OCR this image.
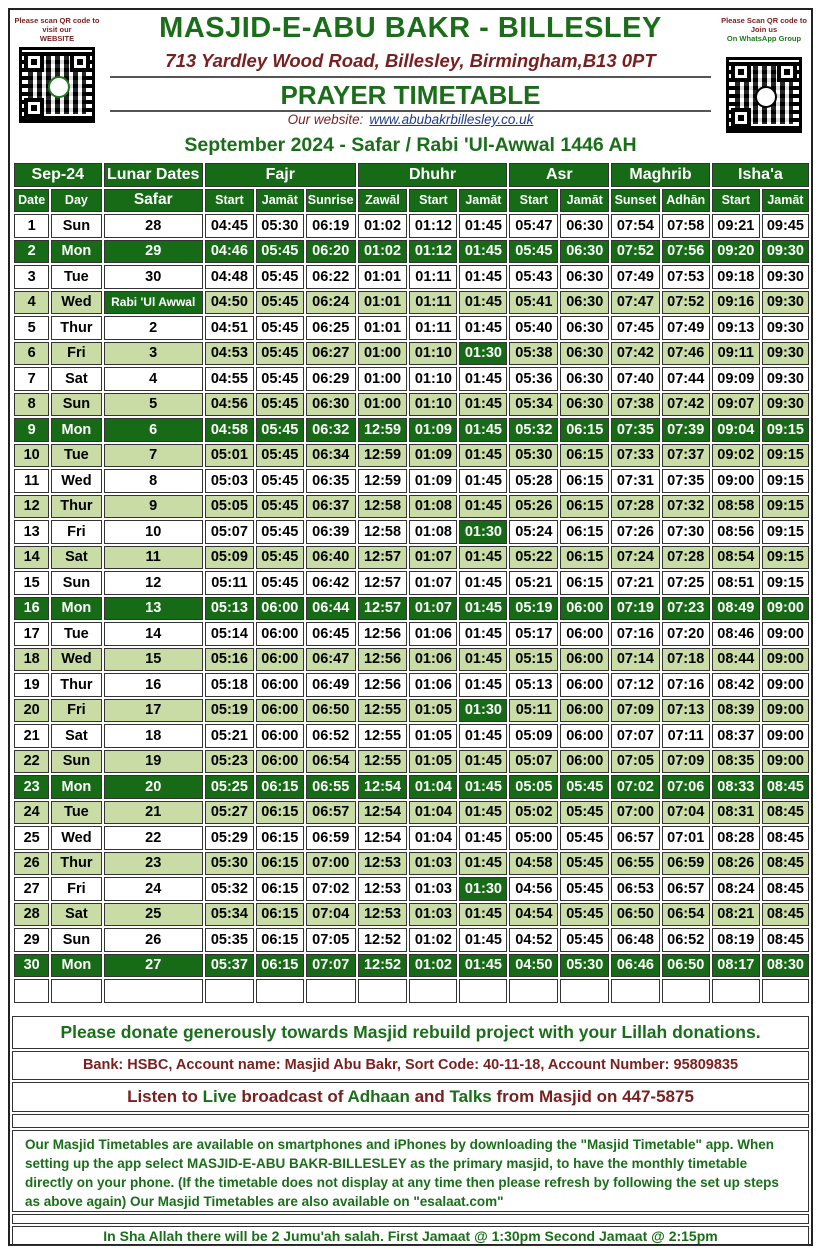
Please scan QR code to visit our
WEBSITE	MASJID-E-ABU BAKR - BILLESLEY
713 Yardley Wood Road, Billesley, Birmingham,B13 0PT
PRAYER TIMETABLE
Our website: www.abubakrbillesley.co.uk
Please Scan QR code to Join us
On WhatsApp Group
September 2024 - Safar / Rabi 'Ul-Awwal 1446 AH
Sep-24		Lunar Dates	Fajr			Dhuhr			Asr		Maghrib		Isha'a	
Date	Day	Safar	Start	Jamāt	Sunrise	Zawāl	Start	Jamāt	Start	Jamāt	Sunset	Adhān	Start	Jamāt
1	Sun	28	04:45	05:30	06:19	01:02	01:12	01:45	05:47	06:30	07:54	07:58	09:21	09:45
2	Mon	29	04:46	05:45	06:20	01:02	01:12	01:45	05:45	06:30	07:52	07:56	09:20	09:30
3	Tue	30	04:48	05:45	06:22	01:01	01:11	01:45	05:43	06:30	07:49	07:53	09:18	09:30
4	Wed	Rabi 'Ul Awwal	04:50	05:45	06:24	01:01	01:11	01:45	05:41	06:30	07:47	07:52	09:16	09:30
5	Thur	2	04:51	05:45	06:25	01:01	01:11	01:45	05:40	06:30	07:45	07:49	09:13	09:30
6	Fri	3	04:53	05:45	06:27	01:00	01:10	01:30	05:38	06:30	07:42	07:46	09:11	09:30
7	Sat	4	04:55	05:45	06:29	01:00	01:10	01:45	05:36	06:30	07:40	07:44	09:09	09:30
8	Sun	5	04:56	05:45	06:30	01:00	01:10	01:45	05:34	06:30	07:38	07:42	09:07	09:30
9	Mon	6	04:58	05:45	06:32	12:59	01:09	01:45	05:32	06:15	07:35	07:39	09:04	09:15
10	Tue	7	05:01	05:45	06:34	12:59	01:09	01:45	05:30	06:15	07:33	07:37	09:02	09:15
11	Wed	8	05:03	05:45	06:35	12:59	01:09	01:45	05:28	06:15	07:31	07:35	09:00	09:15
12	Thur	9	05:05	05:45	06:37	12:58	01:08	01:45	05:26	06:15	07:28	07:32	08:58	09:15
13	Fri	10	05:07	05:45	06:39	12:58	01:08	01:30	05:24	06:15	07:26	07:30	08:56	09:15
14	Sat	11	05:09	05:45	06:40	12:57	01:07	01:45	05:22	06:15	07:24	07:28	08:54	09:15
15	Sun	12	05:11	05:45	06:42	12:57	01:07	01:45	05:21	06:15	07:21	07:25	08:51	09:15
16	Mon	13	05:13	06:00	06:44	12:57	01:07	01:45	05:19	06:00	07:19	07:23	08:49	09:00
17	Tue	14	05:14	06:00	06:45	12:56	01:06	01:45	05:17	06:00	07:16	07:20	08:46	09:00
18	Wed	15	05:16	06:00	06:47	12:56	01:06	01:45	05:15	06:00	07:14	07:18	08:44	09:00
19	Thur	16	05:18	06:00	06:49	12:56	01:06	01:45	05:13	06:00	07:12	07:16	08:42	09:00
20	Fri	17	05:19	06:00	06:50	12:55	01:05	01:30	05:11	06:00	07:09	07:13	08:39	09:00
21	Sat	18	05:21	06:00	06:52	12:55	01:05	01:45	05:09	06:00	07:07	07:11	08:37	09:00
22	Sun	19	05:23	06:00	06:54	12:55	01:05	01:45	05:07	06:00	07:05	07:09	08:35	09:00
23	Mon	20	05:25	06:15	06:55	12:54	01:04	01:45	05:05	05:45	07:02	07:06	08:33	08:45
24	Tue	21	05:27	06:15	06:57	12:54	01:04	01:45	05:02	05:45	07:00	07:04	08:31	08:45
25	Wed	22	05:29	06:15	06:59	12:54	01:04	01:45	05:00	05:45	06:57	07:01	08:28	08:45
26	Thur	23	05:30	06:15	07:00	12:53	01:03	01:45	04:58	05:45	06:55	06:59	08:26	08:45
27	Fri	24	05:32	06:15	07:02	12:53	01:03	01:30	04:56	05:45	06:53	06:57	08:24	08:45
28	Sat	25	05:34	06:15	07:04	12:53	01:03	01:45	04:54	05:45	06:50	06:54	08:21	08:45
29	Sun	26	05:35	06:15	07:05	12:52	01:02	01:45	04:52	05:45	06:48	06:52	08:19	08:45
30	Mon	27	05:37	06:15	07:07	12:52	01:02	01:45	04:50	05:30	06:46	06:50	08:17	08:30

Please donate generously towards Masjid rebuild project with your Lillah donations.
Bank: HSBC, Account name: Masjid Abu Bakr, Sort Code: 40-11-18, Account Number: 95809835
Listen to Live broadcast of Adhaan and Talks from Masjid on 447-5875
Our Masjid Timetables are available on smartphones and iPhones by downloading the "Masjid Timetable" app. When setting up the app select MASJID-E-ABU BAKR-BILLESLEY as the primary masjid, to have the monthly timetable directly on your phone. (If the timetable does not display at any time then please refresh by following the set up steps as above again) Our Masjid Timetables are also available on "esalaat.com"
In Sha Allah there will be 2 Jumu'ah salah. First Jamaat @ 1:30pm Second Jamaat @ 2:15pm
